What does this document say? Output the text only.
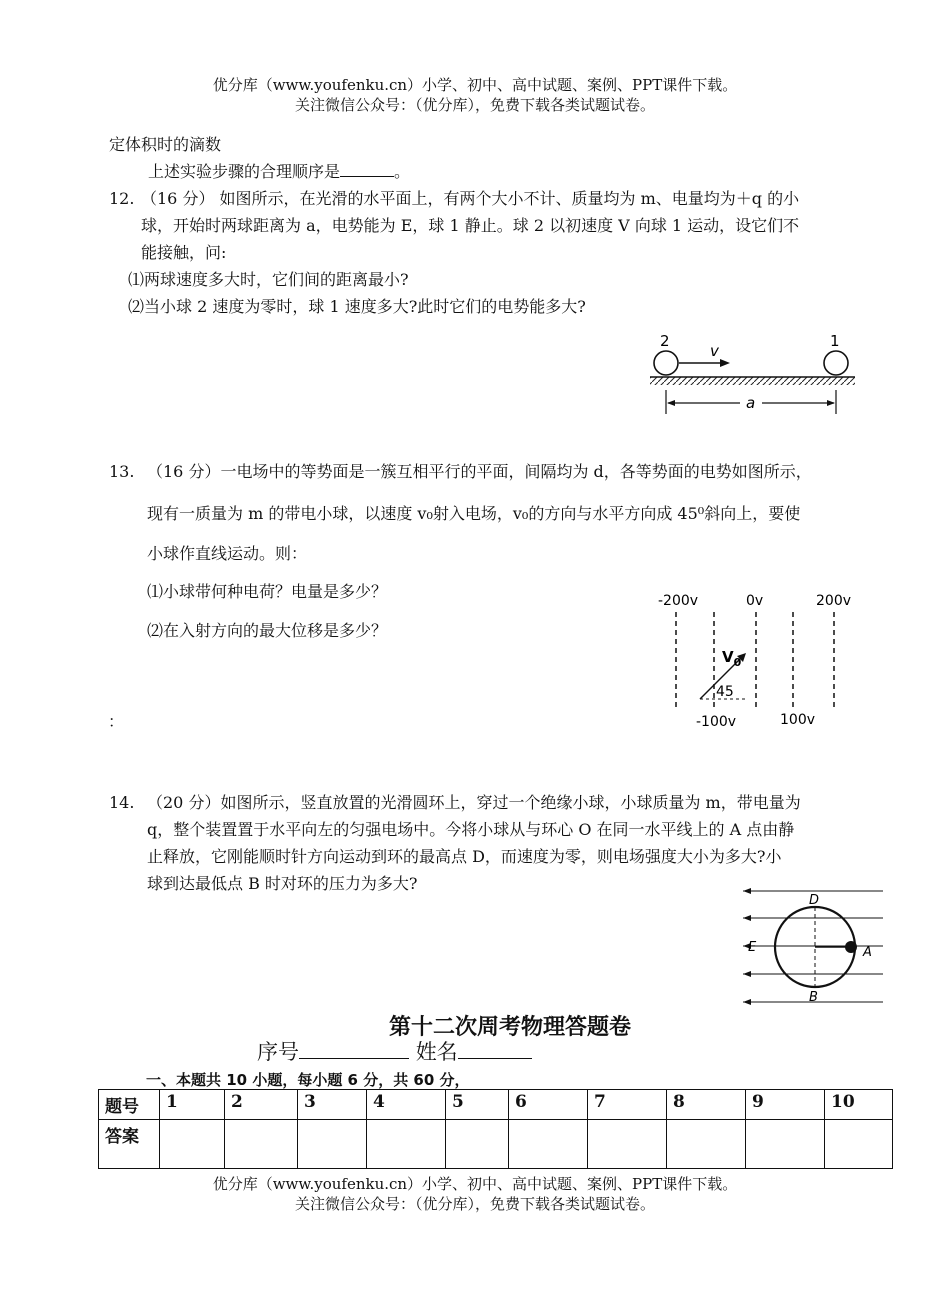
优分库（www.youfenku.cn）小学、初中、高中试题、案例、PPT课件下载。
关注微信公众号：（优分库），免费下载各类试题试卷。
定体积时的滴数
上述实验步骤的合理顺序是	。
12. （16 分） 如图所示，在光滑的水平面上，有两个大小不计、质量均为 m、电量均为＋q 的小
球，开始时两球距离为 a，电势能为 E，球 1 静止。球 2 以初速度 V 向球 1 运动，设它们不
能接触，问:
⑴两球速度多大时，它们间的距离最小?
⑵当小球 2 速度为零时，球 1 速度多大?此时它们的电势能多大?
2	1
v
a
13. （16 分）一电场中的等势面是一簇互相平行的平面，间隔均为 d，各等势面的电势如图所示，
现有一质量为 m 的带电小球，以速度 v₀射入电场，v₀的方向与水平方向成 45⁰斜向上，要使
小球作直线运动。则：
⑴小球带何种电荷？电量是多少？
⑵在入射方向的最大位移是多少？
：
-200v	0v	200v
-100v	100v
$V_0$
45
14. （20 分）如图所示，竖直放置的光滑圆环上，穿过一个绝缘小球，小球质量为 m，带电量为
q，整个装置置于水平向左的匀强电场中。今将小球从与环心 O 在同一水平线上的 A 点由静
止释放，它刚能顺时针方向运动到环的最高点 D，而速度为零，则电场强度大小为多大?小
球到达最低点 B 时对环的压力为多大?
D
B
E	A
第十二次周考物理答题卷
序号	姓名
一、本题共 10 小题，每小题 6 分，共 60 分，
题号	1	2	3	4	5	6	7	8	9	10
答案										
优分库（www.youfenku.cn）小学、初中、高中试题、案例、PPT课件下载。
关注微信公众号：（优分库），免费下载各类试题试卷。
